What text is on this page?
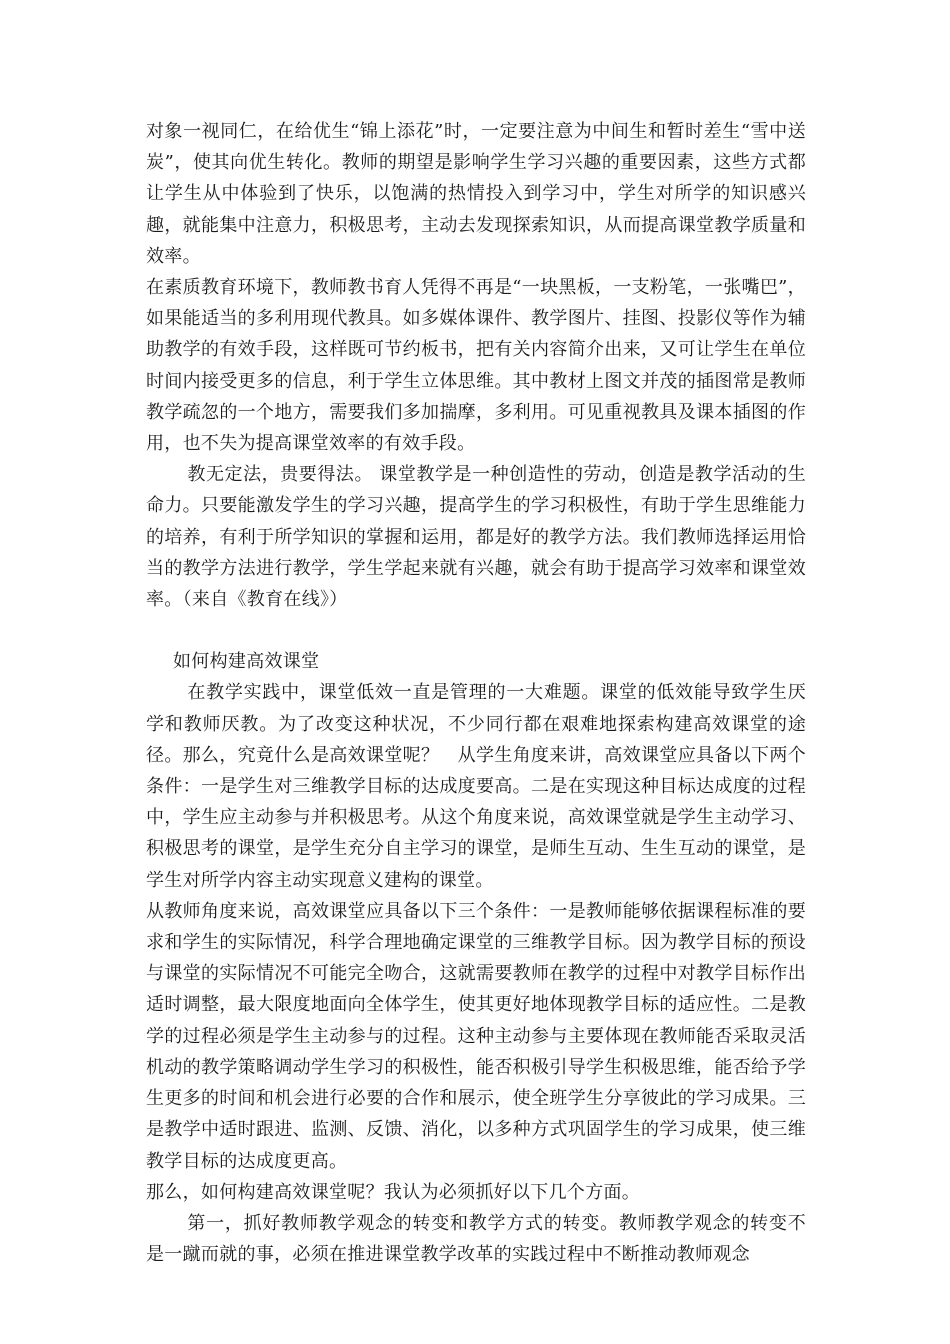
对象一视同仁，在给优生“锦上添花”时，一定要注意为中间生和暂时差生“雪中送炭”，使其向优生转化。教师的期望是影响学生学习兴趣的重要因素，这些方式都让学生从中体验到了快乐，以饱满的热情投入到学习中，学生对所学的知识感兴趣，就能集中注意力，积极思考，主动去发现探索知识，从而提高课堂教学质量和效率。

在素质教育环境下，教师教书育人凭得不再是“一块黑板，一支粉笔，一张嘴巴”，如果能适当的多利用现代教具。如多媒体课件、教学图片、挂图、投影仪等作为辅助教学的有效手段，这样既可节约板书，把有关内容简介出来，又可让学生在单位时间内接受更多的信息，利于学生立体思维。其中教材上图文并茂的插图常是教师教学疏忽的一个地方，需要我们多加揣摩，多利用。可见重视教具及课本插图的作用，也不失为提高课堂效率的有效手段。

教无定法，贵要得法。 课堂教学是一种创造性的劳动，创造是教学活动的生命力。只要能激发学生的学习兴趣，提高学生的学习积极性，有助于学生思维能力的培养，有利于所学知识的掌握和运用，都是好的教学方法。我们教师选择运用恰当的教学方法进行教学，学生学起来就有兴趣，就会有助于提高学习效率和课堂效率。（来自《教育在线》）

如何构建高效课堂

在教学实践中，课堂低效一直是管理的一大难题。课堂的低效能导致学生厌学和教师厌教。为了改变这种状况，不少同行都在艰难地探索构建高效课堂的途径。那么，究竟什么是高效课堂呢？　从学生角度来讲，高效课堂应具备以下两个条件：一是学生对三维教学目标的达成度要高。二是在实现这种目标达成度的过程中，学生应主动参与并积极思考。从这个角度来说，高效课堂就是学生主动学习、积极思考的课堂，是学生充分自主学习的课堂，是师生互动、生生互动的课堂，是学生对所学内容主动实现意义建构的课堂。

从教师角度来说，高效课堂应具备以下三个条件：一是教师能够依据课程标准的要求和学生的实际情况，科学合理地确定课堂的三维教学目标。因为教学目标的预设与课堂的实际情况不可能完全吻合，这就需要教师在教学的过程中对教学目标作出适时调整，最大限度地面向全体学生，使其更好地体现教学目标的适应性。二是教学的过程必须是学生主动参与的过程。这种主动参与主要体现在教师能否采取灵活机动的教学策略调动学生学习的积极性，能否积极引导学生积极思维，能否给予学生更多的时间和机会进行必要的合作和展示，使全班学生分享彼此的学习成果。三是教学中适时跟进、监测、反馈、消化，以多种方式巩固学生的学习成果，使三维教学目标的达成度更高。

那么，如何构建高效课堂呢？我认为必须抓好以下几个方面。

第一，抓好教师教学观念的转变和教学方式的转变。教师教学观念的转变不是一蹴而就的事，必须在推进课堂教学改革的实践过程中不断推动教师观念
